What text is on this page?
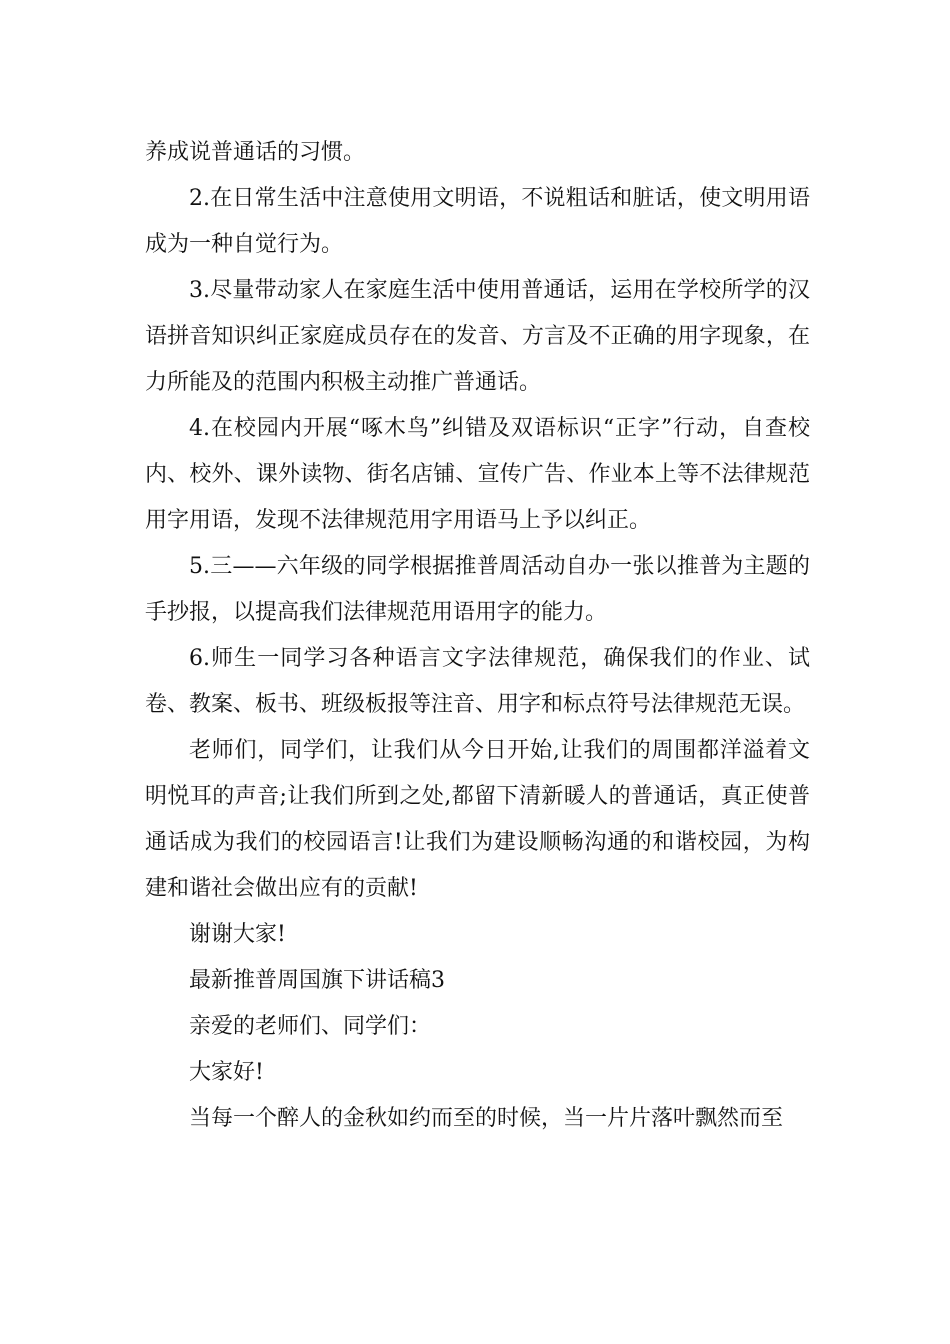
养成说普通话的习惯。

2.在日常生活中注意使用文明语，不说粗话和脏话，使文明用语成为一种自觉行为。

3.尽量带动家人在家庭生活中使用普通话，运用在学校所学的汉语拼音知识纠正家庭成员存在的发音、方言及不正确的用字现象，在力所能及的范围内积极主动推广普通话。

4.在校园内开展“啄木鸟”纠错及双语标识“正字”行动，自查校内、校外、课外读物、街名店铺、宣传广告、作业本上等不法律规范用字用语，发现不法律规范用字用语马上予以纠正。

5.三——六年级的同学根据推普周活动自办一张以推普为主题的手抄报，以提高我们法律规范用语用字的能力。

6.师生一同学习各种语言文字法律规范，确保我们的作业、试卷、教案、板书、班级板报等注音、用字和标点符号法律规范无误。

老师们，同学们，让我们从今日开始,让我们的周围都洋溢着文明悦耳的声音;让我们所到之处,都留下清新暖人的普通话，真正使普通话成为我们的校园语言!让我们为建设顺畅沟通的和谐校园，为构建和谐社会做出应有的贡献!

谢谢大家!

最新推普周国旗下讲话稿3

亲爱的老师们、同学们：

大家好!

当每一个醉人的金秋如约而至的时候，当一片片落叶飘然而至
